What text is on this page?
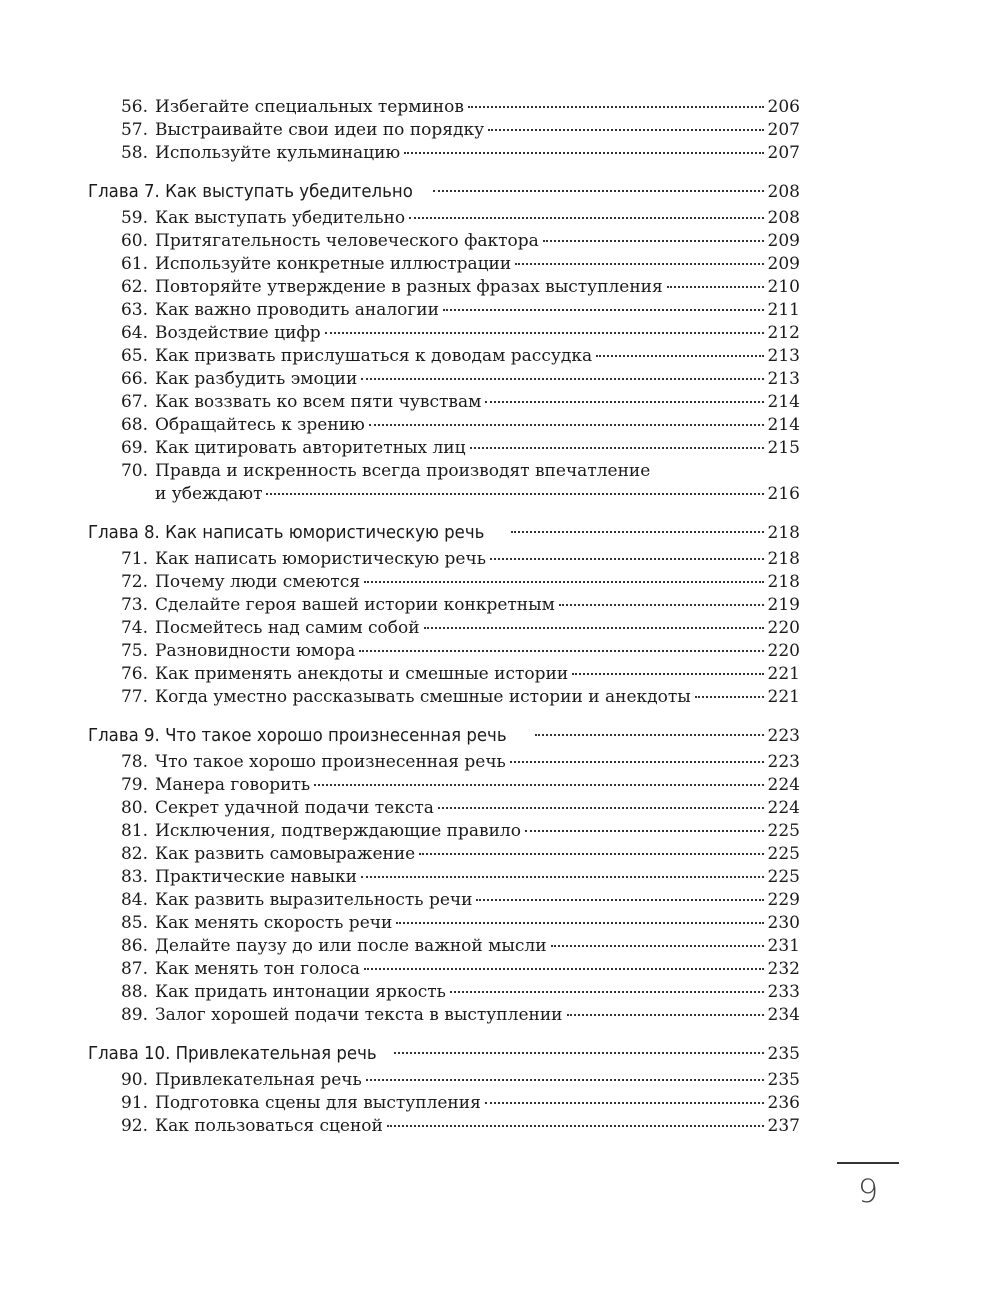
56. Избегайте специальных терминов	206
57. Выстраивайте свои идеи по порядку	207
58. Используйте кульминацию	207
Глава 7. Как выступать убедительно	208
59. Как выступать убедительно	208
60. Притягательность человеческого фактора	209
61. Используйте конкретные иллюстрации	209
62. Повторяйте утверждение в разных фразах выступления	210
63. Как важно проводить аналогии	211
64. Воздействие цифр	212
65. Как призвать прислушаться к доводам рассудка	213
66. Как разбудить эмоции	213
67. Как воззвать ко всем пяти чувствам	214
68. Обращайтесь к зрению	214
69. Как цитировать авторитетных лиц	215
70. Правда и искренность всегда производят впечатление
и убеждают	216
Глава 8. Как написать юмористическую речь	218
71. Как написать юмористическую речь	218
72. Почему люди смеются	218
73. Сделайте героя вашей истории конкретным	219
74. Посмейтесь над самим собой	220
75. Разновидности юмора	220
76. Как применять анекдоты и смешные истории	221
77. Когда уместно рассказывать смешные истории и анекдоты	221
Глава 9. Что такое хорошо произнесенная речь	223
78. Что такое хорошо произнесенная речь	223
79. Манера говорить	224
80. Секрет удачной подачи текста	224
81. Исключения, подтверждающие правило	225
82. Как развить самовыражение	225
83. Практические навыки	225
84. Как развить выразительность речи	229
85. Как менять скорость речи	230
86. Делайте паузу до или после важной мысли	231
87. Как менять тон голоса	232
88. Как придать интонации яркость	233
89. Залог хорошей подачи текста в выступлении	234
Глава 10. Привлекательная речь	235
90. Привлекательная речь	235
91. Подготовка сцены для выступления	236
92. Как пользоваться сценой	237
9
